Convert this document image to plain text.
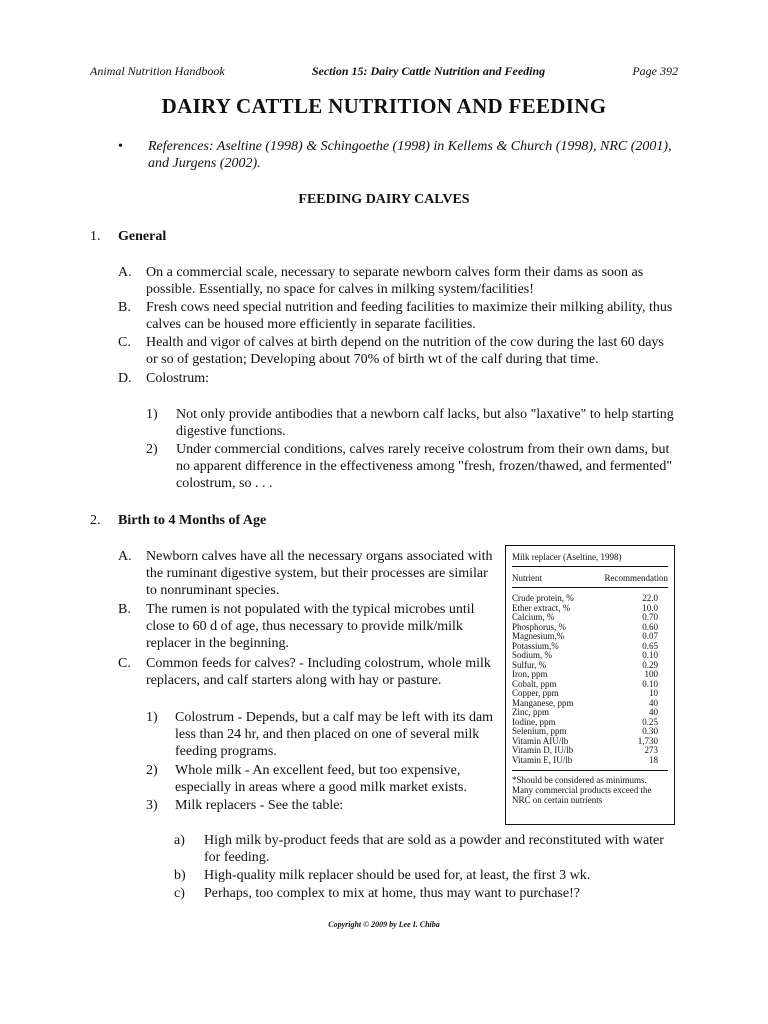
Animal Nutrition Handbook	Section 15: Dairy Cattle Nutrition and Feeding	Page 392
DAIRY CATTLE NUTRITION AND FEEDING
• References: Aseltine (1998) & Schingoethe (1998) in Kellems & Church (1998), NRC (2001), and Jurgens (2002).
FEEDING DAIRY CALVES
1. General
A.	On a commercial scale, necessary to separate newborn calves form their dams as soon as possible. Essentially, no space for calves in milking system/facilities!
B.	Fresh cows need special nutrition and feeding facilities to maximize their milking ability, thus calves can be housed more efficiently in separate facilities.
C.	Health and vigor of calves at birth depend on the nutrition of the cow during the last 60 days or so of gestation; Developing about 70% of birth wt of the calf during that time.
D.	Colostrum:
1)	Not only provide antibodies that a newborn calf lacks, but also "laxative" to help starting digestive functions.
2)	Under commercial conditions, calves rarely receive colostrum from their own dams, but no apparent difference in the effectiveness among "fresh, frozen/thawed, and fermented" colostrum, so . . .
2. Birth to 4 Months of Age
A.	Newborn calves have all the necessary organs associated with the ruminant digestive system, but their processes are similar to nonruminant species.
B.	The rumen is not populated with the typical microbes until close to 60 d of age, thus necessary to provide milk/milk replacer in the beginning.
C.	Common feeds for calves? - Including colostrum, whole milk replacers, and calf starters along with hay or pasture.
1)	Colostrum - Depends, but a calf may be left with its dam less than 24 hr, and then placed on one of several milk feeding programs.
2)	Whole milk - An excellent feed, but too expensive, especially in areas where a good milk market exists.
3)	Milk replacers - See the table:
a)	High milk by-product feeds that are sold as a powder and reconstituted with water for feeding.
b)	High-quality milk replacer should be used for, at least, the first 3 wk.
c)	Perhaps, too complex to mix at home, thus may want to purchase!?
Milk replacer (Aseltine, 1998)
Nutrient	Recommendation
Crude protein, %	22.0
Ether extract, %	10.0
Calcium, %	0.70
Phosphorus, %	0.60
Magnesium,%	0.07
Potassium,%	0.65
Sodium, %	0.10
Sulfur, %	0.29
Iron, ppm	100
Cobalt, ppm	0.10
Copper, ppm	10
Manganese, ppm	40
Zinc, ppm	40
Iodine, ppm	0.25
Selenium, ppm	0.30
Vitamin AIU/lb	1,730
Vitamin D, IU/lb	273
Vitamin E, IU/lb	18
*Should be considered as minimums. Many commercial products exceed the NRC on certain nutrients
Copyright © 2009 by Lee I. Chiba
